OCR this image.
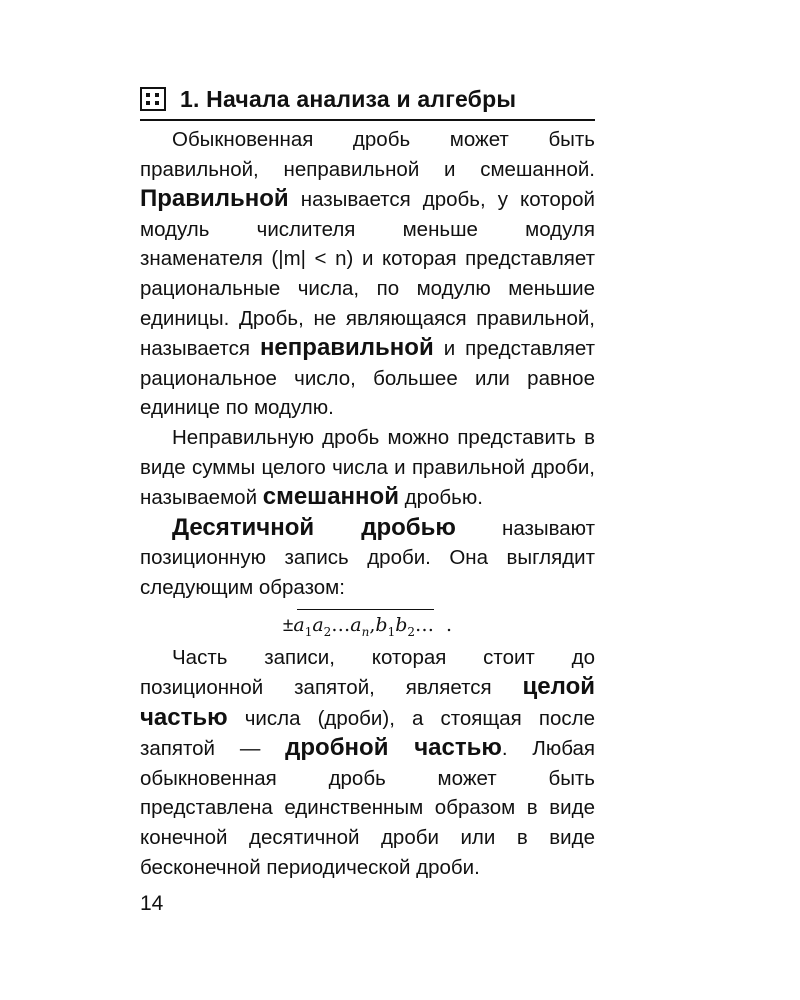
1. Начала анализа и алгебры

Обыкновенная дробь может быть правильной, неправильной и смешанной. Правильной называется дробь, у которой модуль числителя меньше модуля знаменателя (|m| < n) и которая представляет рациональные числа, по модулю меньшие единицы. Дробь, не являющаяся правильной, называется неправильной и представляет рациональное число, большее или равное единице по модулю.

Неправильную дробь можно представить в виде суммы целого числа и правильной дроби, называемой смешанной дробью.

Десятичной дробью называют позиционную запись дроби. Она выглядит следующим образом:

$\pm a_1a_2\dots a_n,b_1b_2\dots$ .

Часть записи, которая стоит до позиционной запятой, является целой частью числа (дроби), а стоящая после запятой — дробной частью. Любая обыкновенная дробь может быть представлена единственным образом в виде конечной десятичной дроби или в виде бесконечной периодической дроби.

14
